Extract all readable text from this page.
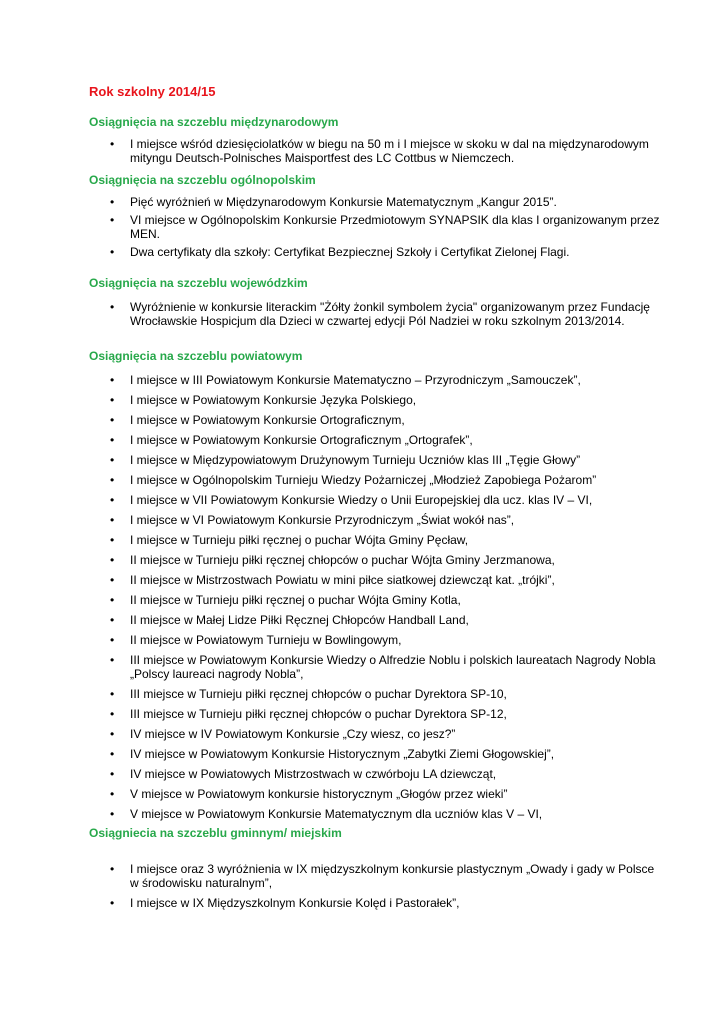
Rok szkolny 2014/15
Osiągnięcia na szczeblu międzynarodowym
• I miejsce wśród dziesięciolatków w biegu na 50 m i I miejsce w skoku w dal na międzynarodowym mityngu Deutsch-Polnisches Maisportfest des LC Cottbus w Niemczech.
Osiągnięcia na szczeblu ogólnopolskim
• Pięć wyróżnień w Międzynarodowym Konkursie Matematycznym „Kangur 2015”.
• VI miejsce w Ogólnopolskim Konkursie Przedmiotowym SYNAPSIK dla klas I organizowanym przez MEN.
• Dwa certyfikaty dla szkoły: Certyfikat Bezpiecznej Szkoły i Certyfikat Zielonej Flagi.
Osiągnięcia na szczeblu wojewódzkim
• Wyróżnienie w konkursie literackim "Żółty żonkil symbolem życia" organizowanym przez Fundację Wrocławskie Hospicjum dla Dzieci w czwartej edycji Pól Nadziei w roku szkolnym 2013/2014.
Osiągnięcia na szczeblu powiatowym
• I miejsce w III Powiatowym Konkursie Matematyczno – Przyrodniczym „Samouczek”,
• I miejsce w Powiatowym Konkursie Języka Polskiego,
• I miejsce w Powiatowym Konkursie Ortograficznym,
• I miejsce w Powiatowym Konkursie Ortograficznym „Ortografek”,
• I miejsce w Międzypowiatowym Drużynowym Turnieju Uczniów klas III „Tęgie Głowy”
• I miejsce w Ogólnopolskim Turnieju Wiedzy Pożarniczej „Młodzież Zapobiega Pożarom”
• I miejsce w VII Powiatowym Konkursie Wiedzy o Unii Europejskiej dla ucz. klas IV – VI,
• I miejsce w VI Powiatowym Konkursie Przyrodniczym „Świat wokół nas”,
• I miejsce w Turnieju piłki ręcznej o puchar Wójta Gminy Pęcław,
• II miejsce w Turnieju piłki ręcznej chłopców o puchar Wójta Gminy Jerzmanowa,
• II miejsce w Mistrzostwach Powiatu w mini piłce siatkowej dziewcząt kat. „trójki”,
• II miejsce w Turnieju piłki ręcznej o puchar Wójta Gminy Kotla,
• II miejsce w Małej Lidze Piłki Ręcznej Chłopców Handball Land,
• II miejsce w Powiatowym Turnieju w Bowlingowym,
• III miejsce w Powiatowym Konkursie Wiedzy o Alfredzie Noblu i polskich laureatach Nagrody Nobla „Polscy laureaci nagrody Nobla”,
• III miejsce w Turnieju piłki ręcznej chłopców o puchar Dyrektora SP-10,
• III miejsce w Turnieju piłki ręcznej chłopców o puchar Dyrektora SP-12,
• IV miejsce w IV Powiatowym Konkursie „Czy wiesz, co jesz?”
• IV miejsce w Powiatowym Konkursie Historycznym „Zabytki Ziemi Głogowskiej”,
• IV miejsce w Powiatowych Mistrzostwach w czwórboju LA dziewcząt,
• V miejsce w Powiatowym konkursie historycznym „Głogów przez wieki”
• V miejsce w Powiatowym Konkursie Matematycznym dla uczniów klas V – VI,
Osiągniecia na szczeblu gminnym/ miejskim
• I miejsce oraz 3 wyróżnienia w IX międzyszkolnym konkursie plastycznym „Owady i gady w Polsce w środowisku naturalnym”,
• I miejsce w IX Międzyszkolnym Konkursie Kolęd i Pastorałek”,
